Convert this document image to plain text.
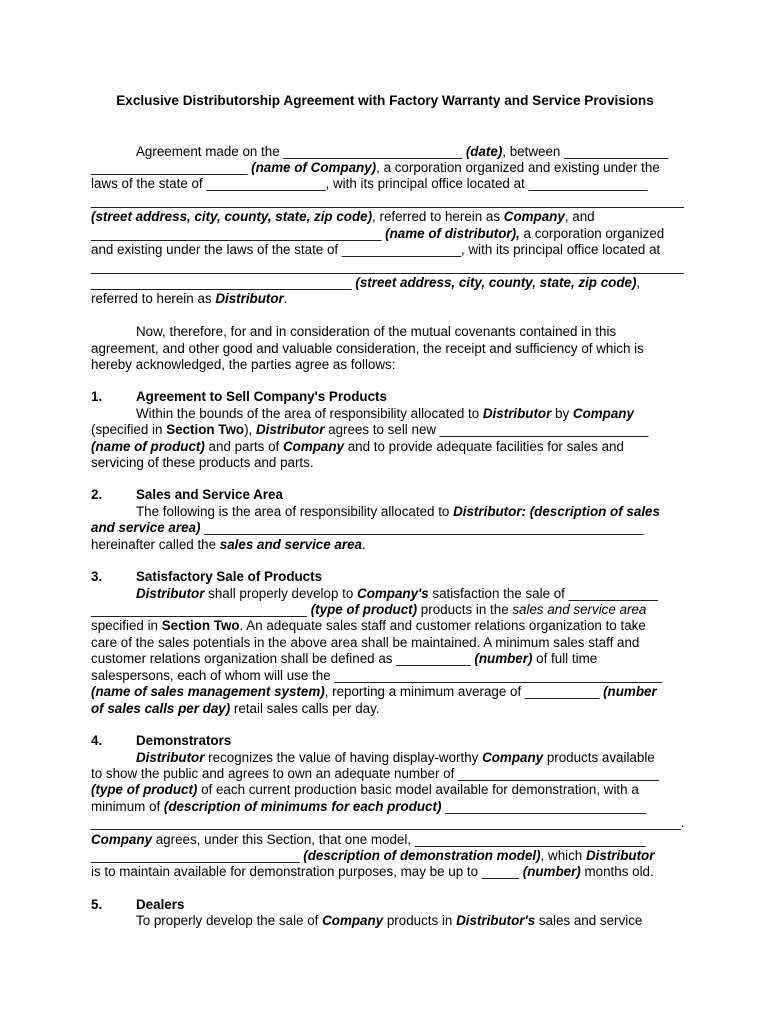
Exclusive Distributorship Agreement with Factory Warranty and Service Provisions
Agreement made on the ________________________ (date), between ______________
_____________________ (name of Company), a corporation organized and existing under the
laws of the state of ________________, with its principal office located at ________________
__________________________________________________________________________________
(street address, city, county, state, zip code), referred to herein as Company, and
_______________________________________ (name of distributor), a corporation organized
and existing under the laws of the state of ________________, with its principal office located at
__________________________________________________________________________________
___________________________________ (street address, city, county, state, zip code),
referred to herein as Distributor.
Now, therefore, for and in consideration of the mutual covenants contained in this
agreement, and other good and valuable consideration, the receipt and sufficiency of which is
hereby acknowledged, the parties agree as follows:
1.	Agreement to Sell Company's Products
Within the bounds of the area of responsibility allocated to Distributor by Company
(specified in Section Two), Distributor agrees to sell new ____________________________
(name of product) and parts of Company and to provide adequate facilities for sales and
servicing of these products and parts.
2.	Sales and Service Area
The following is the area of responsibility allocated to Distributor: (description of sales
and service area) ___________________________________________________________
hereinafter called the sales and service area.
3.	Satisfactory Sale of Products
Distributor shall properly develop to Company's satisfaction the sale of ____________
_____________________________ (type of product) products in the sales and service area
specified in Section Two. An adequate sales staff and customer relations organization to take
care of the sales potentials in the above area shall be maintained. A minimum sales staff and
customer relations organization shall be defined as __________ (number) of full time
salespersons, each of whom will use the ____________________________________________
(name of sales management system), reporting a minimum average of __________ (number
of sales calls per day) retail sales calls per day.
4.	Demonstrators
Distributor recognizes the value of having display-worthy Company products available
to show the public and agrees to own an adequate number of ___________________________
(type of product) of each current production basic model available for demonstration, with a
minimum of (description of minimums for each product) ___________________________
__________________________________________________________________________________.
Company agrees, under this Section, that one model, _______________________________
____________________________ (description of demonstration model), which Distributor
is to maintain available for demonstration purposes, may be up to _____ (number) months old.
5.	Dealers
To properly develop the sale of Company products in Distributor's sales and service
